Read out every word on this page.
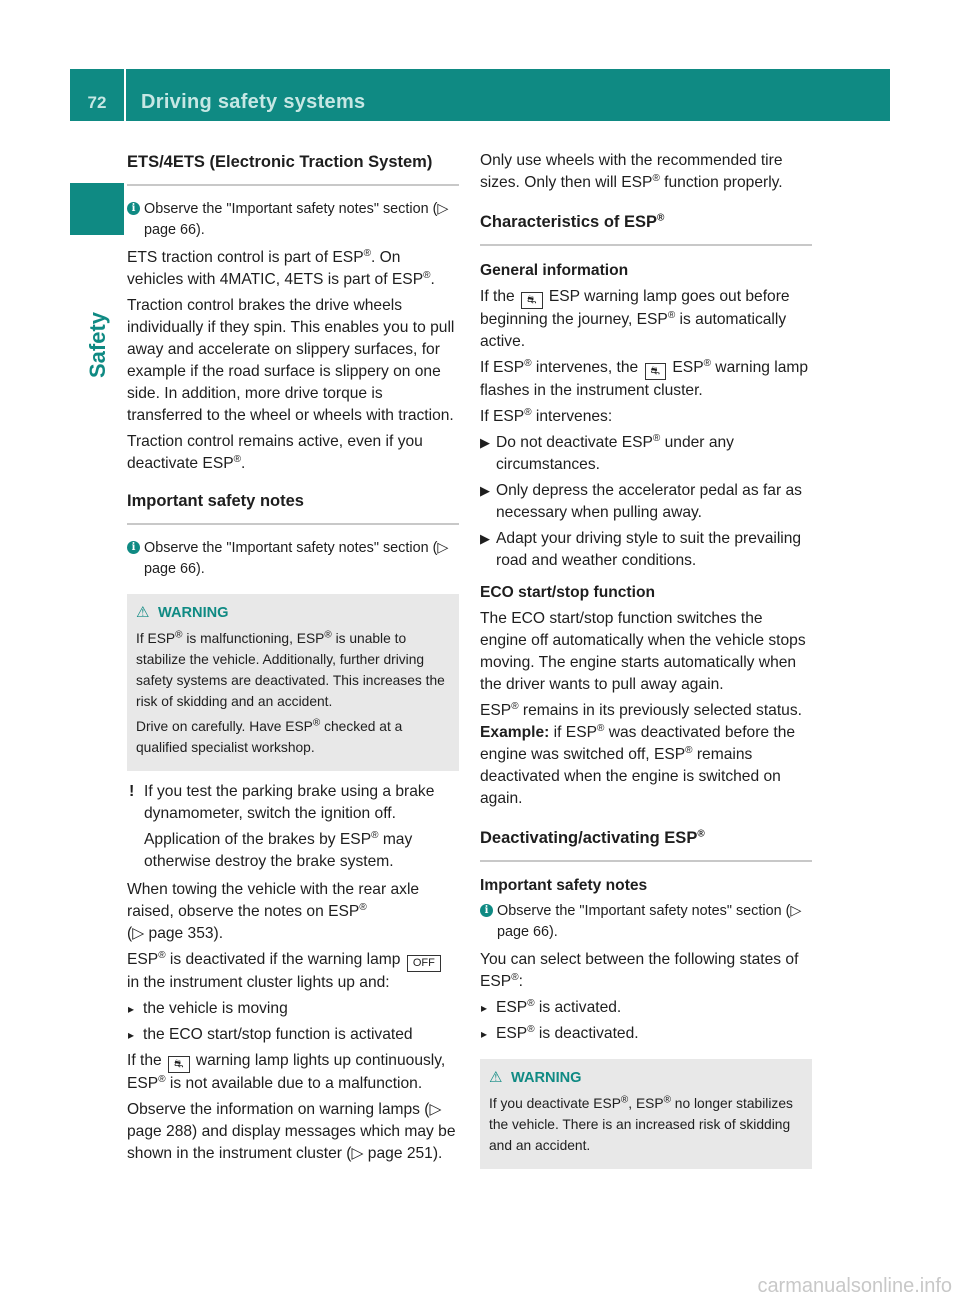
72	Driving safety systems
Safety
ETS/4ETS (Electronic Traction System)
i Observe the "Important safety notes" section (▷ page 66).

ETS traction control is part of ESP®. On vehicles with 4MATIC, 4ETS is part of ESP®.

Traction control brakes the drive wheels individually if they spin. This enables you to pull away and accelerate on slippery surfaces, for example if the road surface is slippery on one side. In addition, more drive torque is transferred to the wheel or wheels with traction.

Traction control remains active, even if you deactivate ESP®.

Important safety notes
i Observe the "Important safety notes" section (▷ page 66).
⚠ WARNING

If ESP® is malfunctioning, ESP® is unable to stabilize the vehicle. Additionally, further driving safety systems are deactivated. This increases the risk of skidding and an accident.

Drive on carefully. Have ESP® checked at a qualified specialist workshop.

! If you test the parking brake using a brake dynamometer, switch the ignition off.

Application of the brakes by ESP® may otherwise destroy the brake system.

When towing the vehicle with the rear axle raised, observe the notes on ESP®
(▷ page 353).

ESP® is deactivated if the warning lamp OFF in the instrument cluster lights up and:

▸ the vehicle is moving
▸ the ECO start/stop function is activated

If the ⛐ warning lamp lights up continuously, ESP® is not available due to a malfunction.

Observe the information on warning lamps (▷ page 288) and display messages which may be shown in the instrument cluster (▷ page 251).

Only use wheels with the recommended tire sizes. Only then will ESP® function properly.

Characteristics of ESP®
General information

If the ⛐ ESP warning lamp goes out before beginning the journey, ESP® is automatically active.

If ESP® intervenes, the ⛐ ESP® warning lamp flashes in the instrument cluster.

If ESP® intervenes:

▶ Do not deactivate ESP® under any circumstances.
▶ Only depress the accelerator pedal as far as necessary when pulling away.
▶ Adapt your driving style to suit the prevailing road and weather conditions.
ECO start/stop function

The ECO start/stop function switches the engine off automatically when the vehicle stops moving. The engine starts automatically when the driver wants to pull away again.

ESP® remains in its previously selected status. Example: if ESP® was deactivated before the engine was switched off, ESP® remains deactivated when the engine is switched on again.

Deactivating/activating ESP®
Important safety notes
i Observe the "Important safety notes" section (▷ page 66).

You can select between the following states of ESP®:

▸ ESP® is activated.
▸ ESP® is deactivated.
⚠ WARNING

If you deactivate ESP®, ESP® no longer stabilizes the vehicle. There is an increased risk of skidding and an accident.

carmanualsonline.info
